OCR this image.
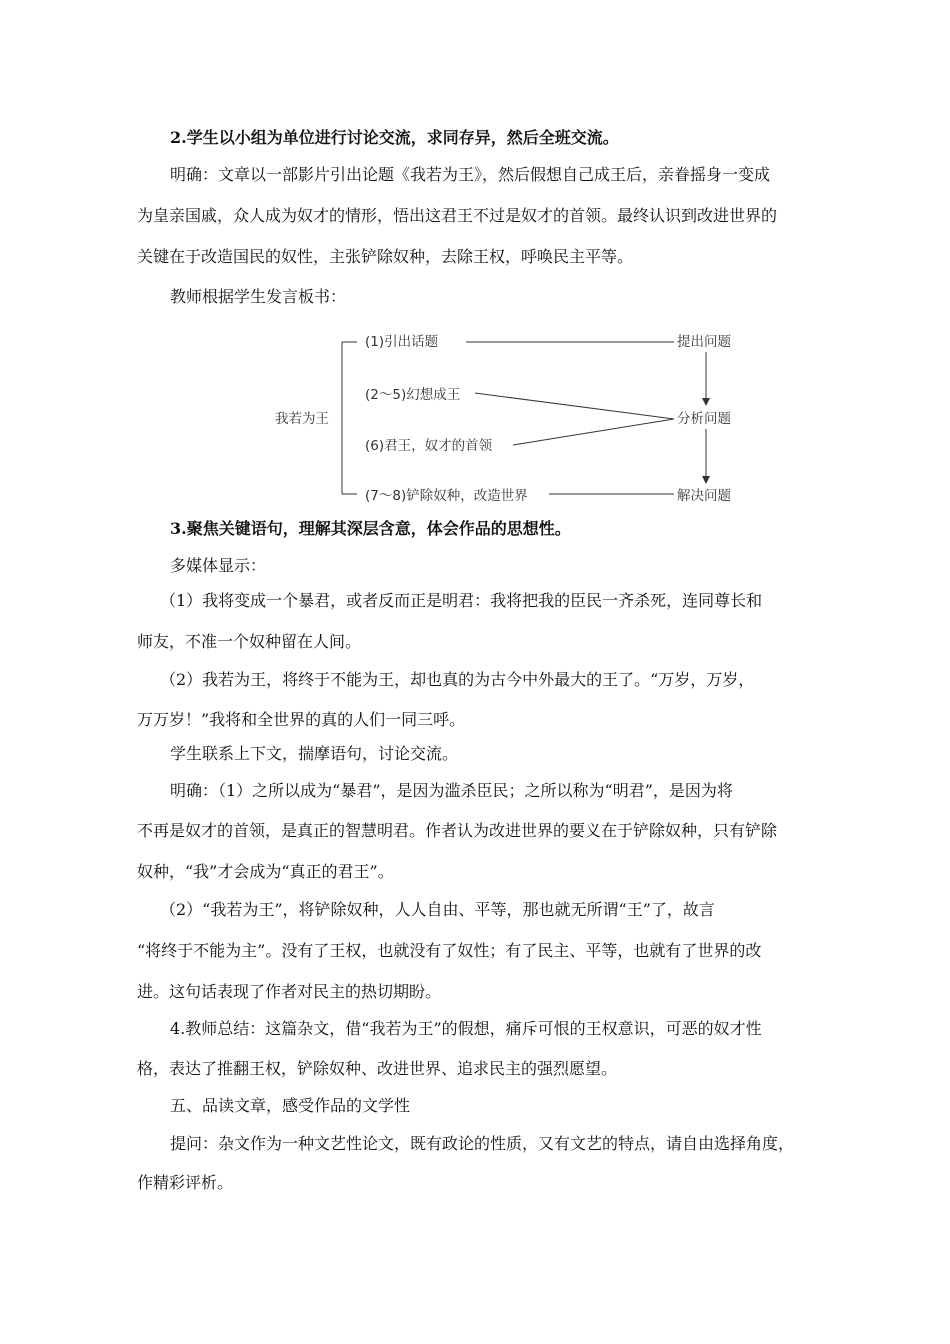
2.学生以小组为单位进行讨论交流，求同存异，然后全班交流。
明确：文章以一部影片引出论题《我若为王》，然后假想自己成王后，亲眷摇身一变成
为皇亲国戚，众人成为奴才的情形，悟出这君王不过是奴才的首领。最终认识到改进世界的
关键在于改造国民的奴性，主张铲除奴种，去除王权，呼唤民主平等。
教师根据学生发言板书：
我若为王
(1)引出话题
(2～5)幻想成王
(6)君王，奴才的首领
(7～8)铲除奴种，改造世界
提出问题
分析问题
解决问题
3.聚焦关键语句，理解其深层含意，体会作品的思想性。
多媒体显示：
（1）我将变成一个暴君，或者反而正是明君：我将把我的臣民一齐杀死，连同尊长和
师友，不准一个奴种留在人间。
（2）我若为王，将终于不能为王，却也真的为古今中外最大的王了。“万岁，万岁，
万万岁！”我将和全世界的真的人们一同三呼。
学生联系上下文，揣摩语句，讨论交流。
明确：（1）之所以成为“暴君”，是因为滥杀臣民；之所以称为“明君”，是因为将
不再是奴才的首领，是真正的智慧明君。作者认为改进世界的要义在于铲除奴种，只有铲除
奴种，“我”才会成为“真正的君王”。
（2）“我若为王”，将铲除奴种，人人自由、平等，那也就无所谓“王”了，故言
“将终于不能为主”。没有了王权，也就没有了奴性；有了民主、平等，也就有了世界的改
进。这句话表现了作者对民主的热切期盼。
4.教师总结：这篇杂文，借“我若为王”的假想，痛斥可恨的王权意识，可恶的奴才性
格，表达了推翻王权，铲除奴种、改进世界、追求民主的强烈愿望。
五、品读文章，感受作品的文学性
提问：杂文作为一种文艺性论文，既有政论的性质，又有文艺的特点，请自由选择角度，
作精彩评析。
